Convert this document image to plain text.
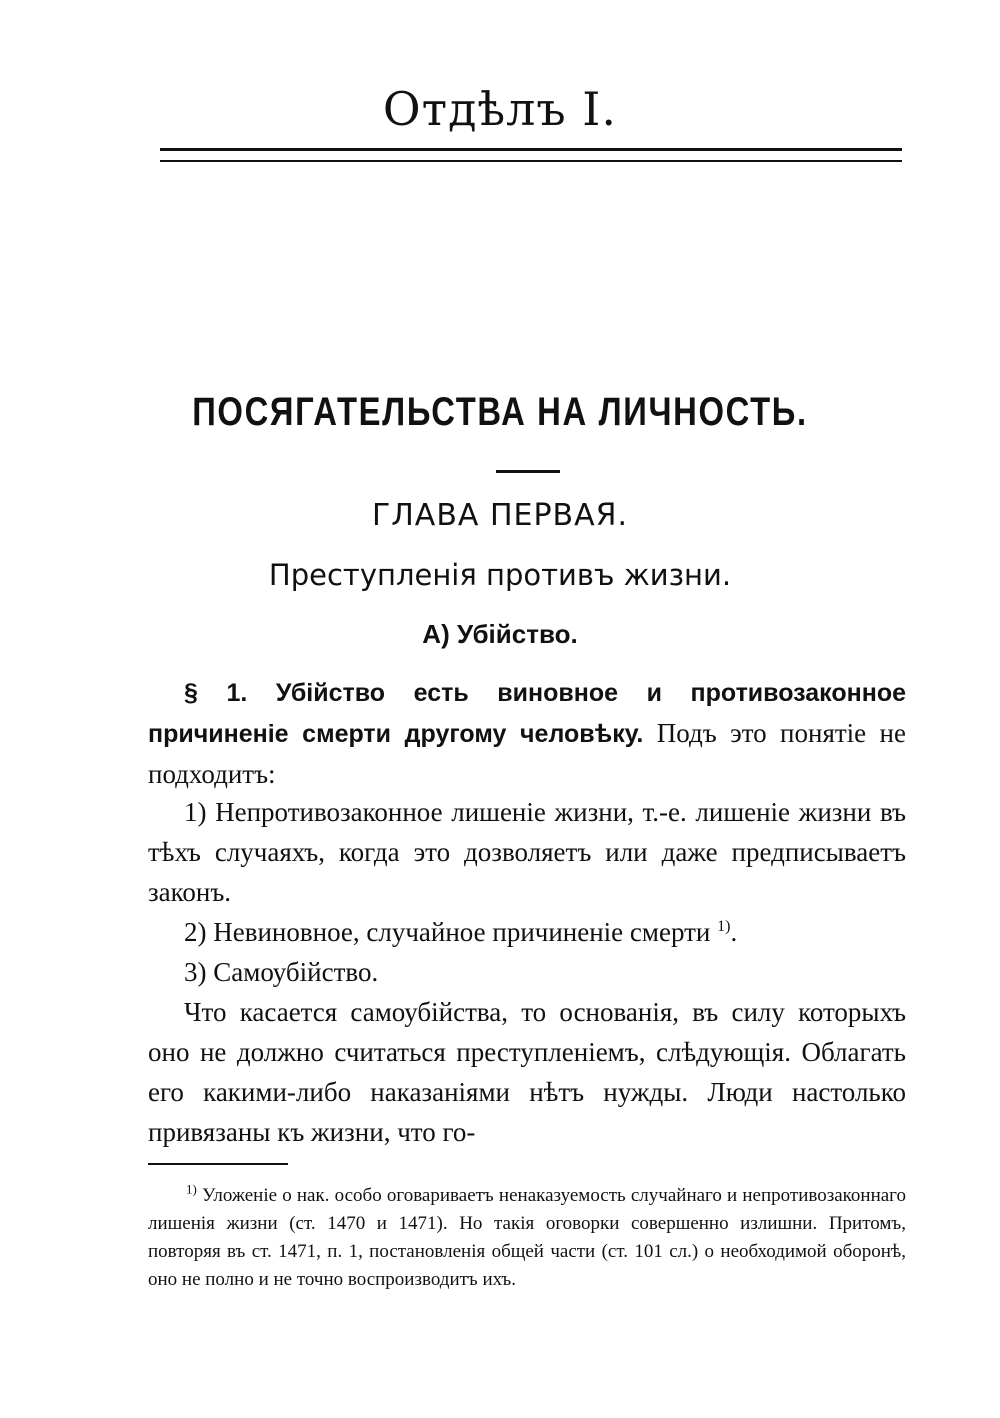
Отдѣлъ I.
ПОСЯГАТЕЛЬСТВА НА ЛИЧНОСТЬ.
ГЛАВА ПЕРВАЯ.
Преступленія противъ жизни.
А) Убійство.
§ 1. Убійство есть виновное и противозаконное причиненіе смерти другому человѣку. Подъ это понятіе не подходитъ:
1) Непротивозаконное лишеніе жизни, т.-е. лишеніе жизни въ тѣхъ случаяхъ, когда это дозволяетъ или даже предписываетъ законъ.
2) Невиновное, случайное причиненіе смерти $^{1)}$.
3) Самоубійство.
Что касается самоубійства, то основанія, въ силу которыхъ оно не должно считаться преступленіемъ, слѣдующія. Облагать его какими-либо наказаніями нѣтъ нужды. Люди настолько привязаны къ жизни, что го-
$^{1)}$ Уложеніе о нак. особо оговариваетъ ненаказуемость случайнаго и непротивозаконнаго лишенія жизни (ст. 1470 и 1471). Но такія оговорки совершенно излишни. Притомъ, повторяя въ ст. 1471, п. 1, постановленія общей части (ст. 101 сл.) о необходимой оборонѣ, оно не полно и не точно воспроизводитъ ихъ.
